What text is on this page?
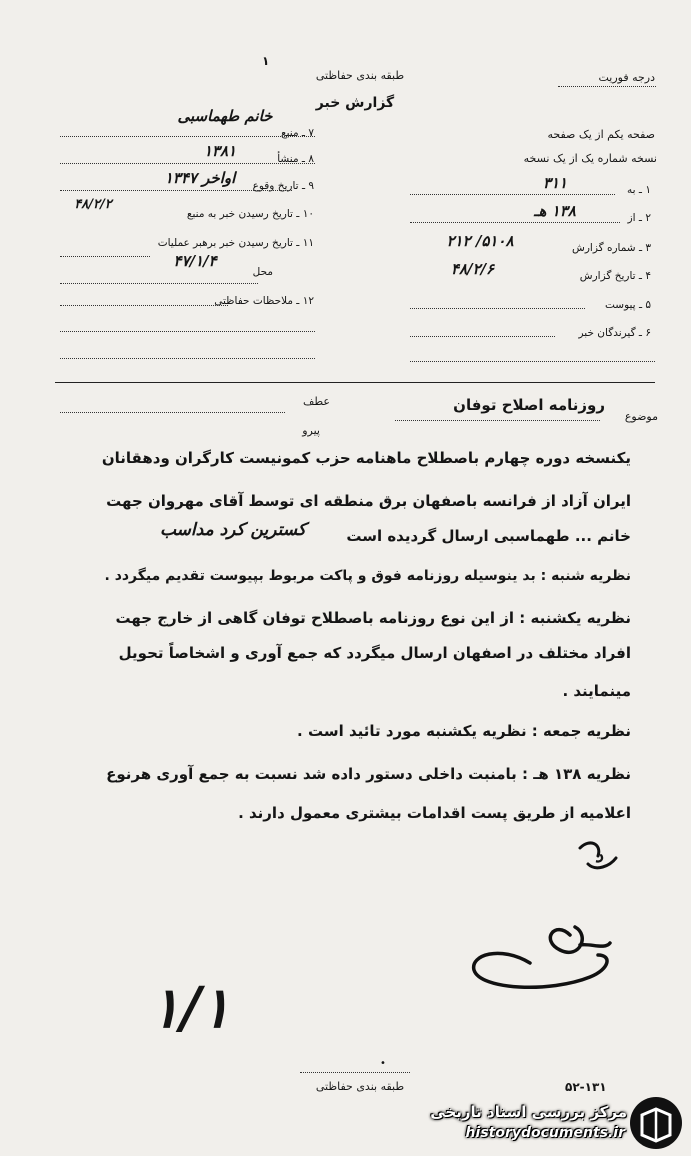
١
طبقه بندی حفاظتی	درجه فوریت
گزارش خبر
۷ ـ منبع
خانم طهماسبی
۸ ـ منشأ
۱۳۸۱
۹ ـ تاریخ وقوع
اواخر ۱۳۴۷
۱۰ ـ تاریخ رسیدن خبر به منبع
۴۸/۲/۲
۱۱ ـ تاریخ رسیدن خبر برهبر عملیات
محل
۴۷/۱/۴
۱۲ ـ ملاحظات حفاظتی
صفحه یکم از یک صفحه
نسخه شماره یک از یک نسخه
۱ ـ به
۳۱۱
۲ ـ از
۱۳۸ هـ
۳ ـ شماره گزارش
۵۱۰۸/ ۲۱۲
۴ ـ تاریخ گزارش
۴۸/۲/۶
۵ ـ پیوست
۶ ـ گیرندگان خبر
عطف
پیرو
موضوع
روزنامه اصلاح توفان
یکنسخه دوره چهارم باصطلاح ماهنامه حزب کمونیست کارگران ودهقانان
ایران آزاد از فرانسه باصفهان برق منطقه ای توسط آقای مهروان جهت
خانم ... طهماسبی ارسال گردیده است
کسترین کرد مداسب
نظریه شنبه : بد ینوسیله روزنامه فوق و پاکت مربوط بپیوست تقدیم میگردد .
نظریه یکشنبه : از این نوع روزنامه باصطلاح توفان گاهی از خارج جهت
افراد مختلف در اصفهان ارسال میگردد که جمع آوری و اشخاصاً تحویل
مینمایند .
نظریه جمعه : نظریه یکشنبه مورد تائید است .
نظریه ۱۳۸ هـ : بامنبت داخلی دستور داده شد نسبت به جمع آوری هرنوع
اعلامیه از طریق پست اقدامات بیشتری معمول دارند .
د
۱/۱
•
طبقه بندی حفاظتی	۵۲-۱۳۱
مرکز بررسی اسناد تاریخی
historydocuments.ir
